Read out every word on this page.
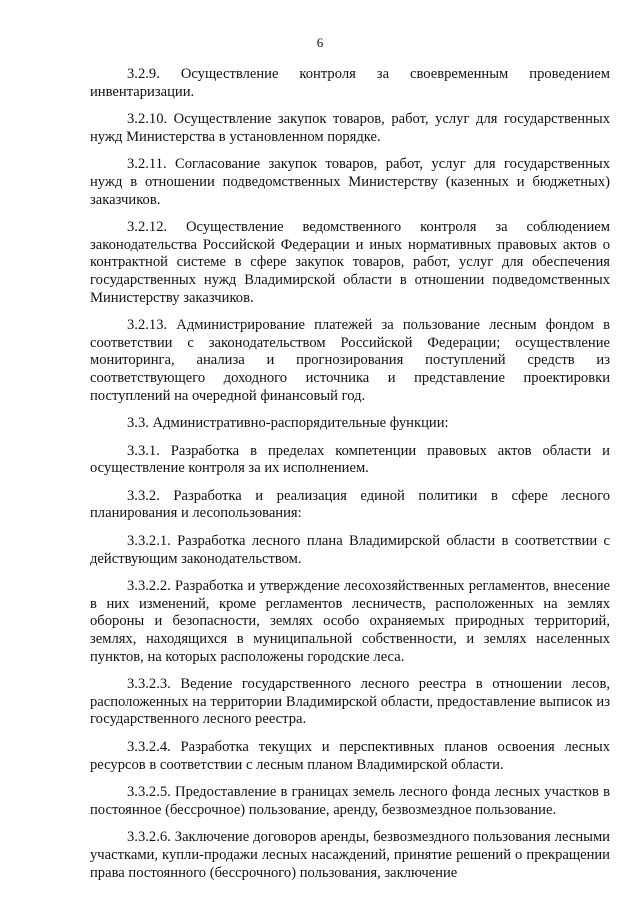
6

3.2.9. Осуществление контроля за своевременным проведением инвентаризации.

3.2.10. Осуществление закупок товаров, работ, услуг для государственных нужд Министерства в установленном порядке.

3.2.11. Согласование закупок товаров, работ, услуг для государственных нужд в отношении подведомственных Министерству (казенных и бюджетных) заказчиков.

3.2.12. Осуществление ведомственного контроля за соблюдением законодательства Российской Федерации и иных нормативных правовых актов о контрактной системе в сфере закупок товаров, работ, услуг для обеспечения государственных нужд Владимирской области в отношении подведомственных Министерству заказчиков.

3.2.13. Администрирование платежей за пользование лесным фондом в соответствии с законодательством Российской Федерации; осуществление мониторинга, анализа и прогнозирования поступлений средств из соответствующего доходного источника и представление проектировки поступлений на очередной финансовый год.

3.3. Административно-распорядительные функции:

3.3.1. Разработка в пределах компетенции правовых актов области и осуществление контроля за их исполнением.

3.3.2. Разработка и реализация единой политики в сфере лесного планирования и лесопользования:

3.3.2.1. Разработка лесного плана Владимирской области в соответствии с действующим законодательством.

3.3.2.2. Разработка и утверждение лесохозяйственных регламентов, внесение в них изменений, кроме регламентов лесничеств, расположенных на землях обороны и безопасности, землях особо охраняемых природных территорий, землях, находящихся в муниципальной собственности, и землях населенных пунктов, на которых расположены городские леса.

3.3.2.3. Ведение государственного лесного реестра в отношении лесов, расположенных на территории Владимирской области, предоставление выписок из государственного лесного реестра.

3.3.2.4. Разработка текущих и перспективных планов освоения лесных ресурсов в соответствии с лесным планом Владимирской области.

3.3.2.5. Предоставление в границах земель лесного фонда лесных участков в постоянное (бессрочное) пользование, аренду, безвозмездное пользование.

3.3.2.6. Заключение договоров аренды, безвозмездного пользования лесными участками, купли-продажи лесных насаждений, принятие решений о прекращении права постоянного (бессрочного) пользования, заключение
